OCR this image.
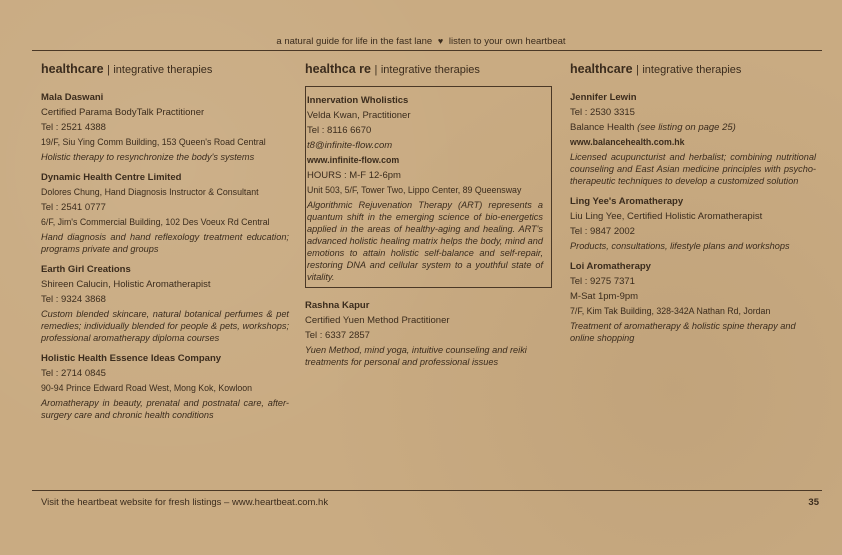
a natural guide for life in the fast lane ♥ listen to your own heartbeat
healthcare | integrative therapies
Mala Daswani
Certified Parama BodyTalk Practitioner
Tel : 2521 4388
19/F, Siu Ying Comm Building, 153 Queen's Road Central
Holistic therapy to resynchronize the body's systems
Dynamic Health Centre Limited
Dolores Chung, Hand Diagnosis Instructor & Consultant
Tel : 2541 0777
6/F, Jim's Commercial Building, 102 Des Voeux Rd Central
Hand diagnosis and hand reflexology treatment education; programs private and groups
Earth Girl Creations
Shireen Calucin, Holistic Aromatherapist
Tel : 9324 3868
Custom blended skincare, natural botanical perfumes & pet remedies; individually blended for people & pets, workshops; professional aromatherapy diploma courses
Holistic Health Essence Ideas Company
Tel : 2714 0845
90-94 Prince Edward Road West, Mong Kok, Kowloon
Aromatherapy in beauty, prenatal and postnatal care, after-surgery care and chronic health conditions
healthca re | integrative therapies
Innervation Wholistics
Velda Kwan, Practitioner
Tel : 8116 6670
t8@infinite-flow.com
www.infinite-flow.com
HOURS : M-F 12-6pm
Unit 503, 5/F, Tower Two, Lippo Center, 89 Queensway
Algorithmic Rejuvenation Therapy (ART) represents a quantum shift in the emerging science of bio-energetics applied in the areas of healthy-aging and healing. ART's advanced holistic healing matrix helps the body, mind and emotions to attain holistic self-balance and self-repair, restoring DNA and cellular system to a youthful state of vitality.
Rashna Kapur
Certified Yuen Method Practitioner
Tel : 6337 2857
Yuen Method, mind yoga, intuitive counseling and reiki treatments for personal and professional issues
healthcare | integrative therapies
Jennifer Lewin
Tel : 2530 3315
Balance Health (see listing on page 25)
www.balancehealth.com.hk
Licensed acupuncturist and herbalist; combining nutritional counseling and East Asian medicine principles with psycho-therapeutic techniques to develop a customized solution
Ling Yee's Aromatherapy
Liu Ling Yee, Certified Holistic Aromatherapist
Tel : 9847 2002
Products, consultations, lifestyle plans and workshops
Loi Aromatherapy
Tel : 9275 7371
M-Sat 1pm-9pm
7/F, Kim Tak Building, 328-342A Nathan Rd, Jordan
Treatment of aromatherapy & holistic spine therapy and online shopping
Visit the heartbeat website for fresh listings – www.heartbeat.com.hk	35
